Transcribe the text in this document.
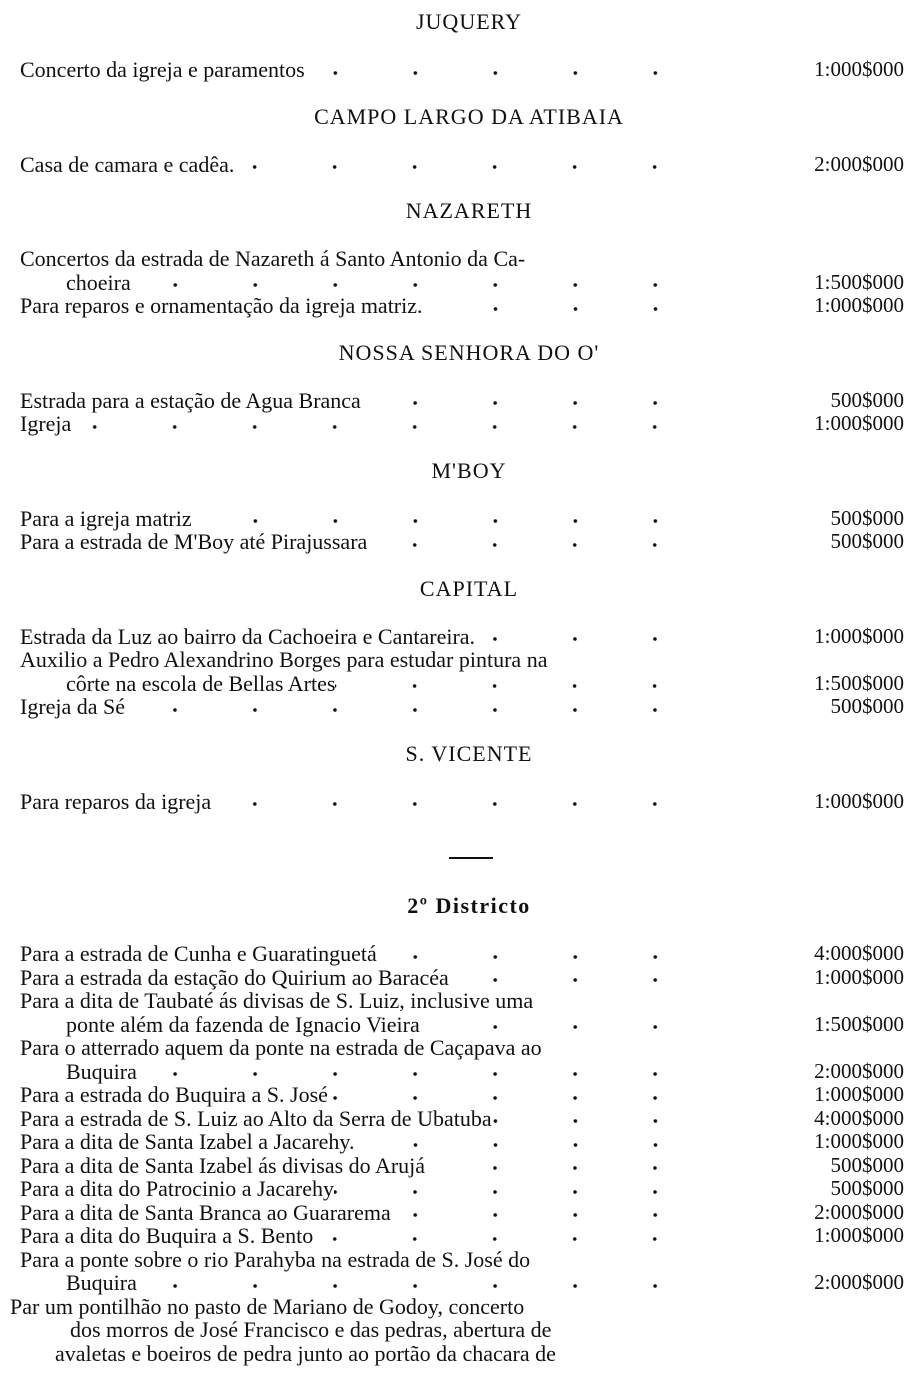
JUQUERY
Concerto da igreja e paramentos	1:000$000
CAMPO LARGO DA ATIBAIA
Casa de camara e cadêa.	2:000$000
NAZARETH
Concertos da estrada de Nazareth á Santo Antonio da Ca-
choeira	1:500$000
Para reparos e ornamentação da igreja matriz.	1:000$000
NOSSA SENHORA DO O'
Estrada para a estação de Agua Branca	500$000
Igreja	1:000$000
M'BOY
Para a igreja matriz	500$000
Para a estrada de M'Boy até Pirajussara	500$000
CAPITAL
Estrada da Luz ao bairro da Cachoeira e Cantareira.	1:000$000
Auxilio a Pedro Alexandrino Borges para estudar pintura na
côrte na escola de Bellas Artes	1:500$000
Igreja da Sé	500$000
S. VICENTE
Para reparos da igreja	1:000$000
2º Districto
Para a estrada de Cunha e Guaratinguetá	4:000$000
Para a estrada da estação do Quirium ao Baracéa	1:000$000
Para a dita de Taubaté ás divisas de S. Luiz, inclusive uma
ponte além da fazenda de Ignacio Vieira	1:500$000
Para o atterrado aquem da ponte na estrada de Caçapava ao
Buquira	2:000$000
Para a estrada do Buquira a S. José	1:000$000
Para a estrada de S. Luiz ao Alto da Serra de Ubatuba	4:000$000
Para a dita de Santa Izabel a Jacarehy.	1:000$000
Para a dita de Santa Izabel ás divisas do Arujá	500$000
Para a dita do Patrocinio a Jacarehy	500$000
Para a dita de Santa Branca ao Guararema	2:000$000
Para a dita do Buquira a S. Bento	1:000$000
Para a ponte sobre o rio Parahyba na estrada de S. José do
Buquira	2:000$000
Par um pontilhão no pasto de Mariano de Godoy, concerto
dos morros de José Francisco e das pedras, abertura de
avaletas e boeiros de pedra junto ao portão da chacara de
